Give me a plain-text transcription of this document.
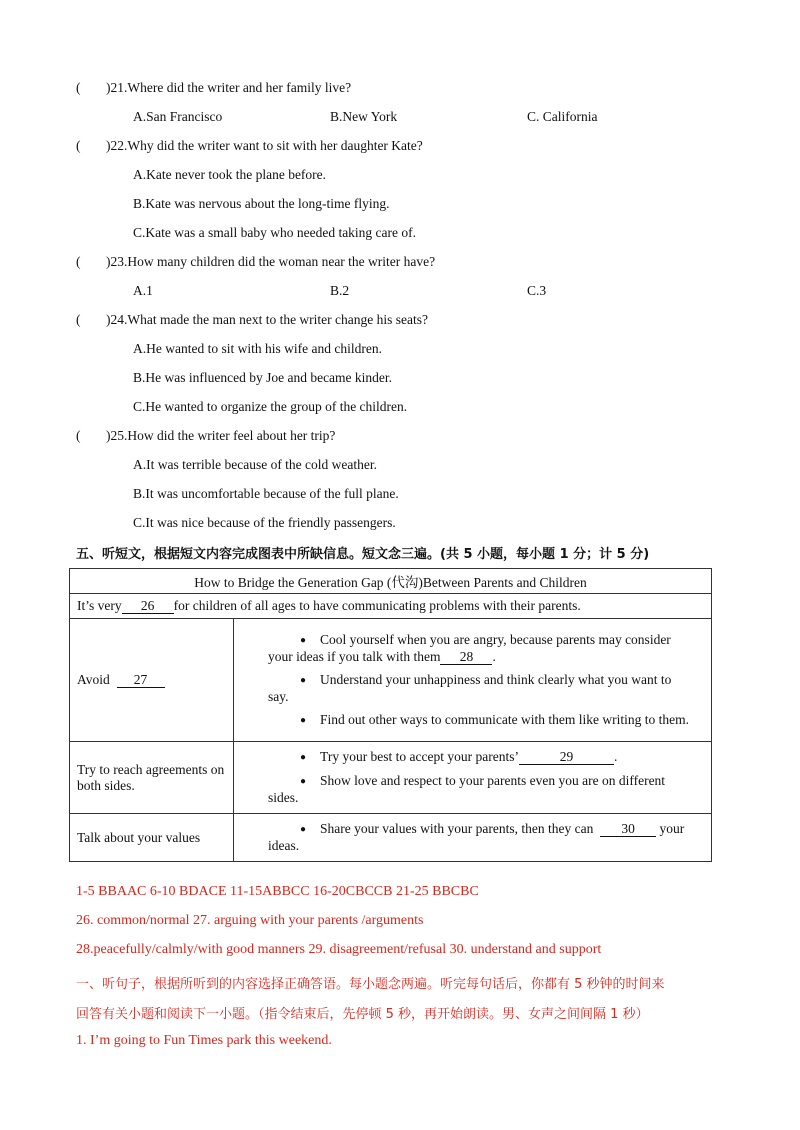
( )21.Where did the writer and her family live?
A.San Francisco	B.New York	C. California
( )22.Why did the writer want to sit with her daughter Kate?
A.Kate never took the plane before.
B.Kate was nervous about the long-time flying.
C.Kate was a small baby who needed taking care of.
( )23.How many children did the woman near the writer have?
A.1	B.2	C.3
( )24.What made the man next to the writer change his seats?
A.He wanted to sit with his wife and children.
B.He was influenced by Joe and became kinder.
C.He wanted to organize the group of the children.
( )25.How did the writer feel about her trip?
A.It was terrible because of the cold weather.
B.It was uncomfortable because of the full plane.
C.It was nice because of the friendly passengers.
五、听短文，根据短文内容完成图表中所缺信息。短文念三遍。(共 5 小题，每小题 1 分；计 5 分)
How to Bridge the Generation Gap (代沟)Between Parents and Children	
It’s very 26 for children of all ages to have communicating problems with their parents.	
Avoid 27	● Cool yourself when you are angry, because parents may consider your ideas if you talk with them 28 .
● Understand your unhappiness and think clearly what you want to say.
● Find out other ways to communicate with them like writing to them.

Try to reach agreements on both sides.	● Try your best to accept your parents’ 29 .
● Show love and respect to your parents even you are on different sides.

Talk about your values	● Share your values with your parents, then they can 30 your ideas.
1-5 BBAAC 6-10 BDACE 11-15ABBCC 16-20CBCCB 21-25 BBCBC
26. common/normal 27. arguing with your parents /arguments
28.peacefully/calmly/with good manners 29. disagreement/refusal 30. understand and support
一、听句子，根据所听到的内容选择正确答语。每小题念两遍。听完每句话后，你都有 5 秒钟的时间来
回答有关小题和阅读下一小题。（指令结束后，先停顿 5 秒，再开始朗读。男、女声之间间隔 1 秒）
1. I’m going to Fun Times park this weekend.
